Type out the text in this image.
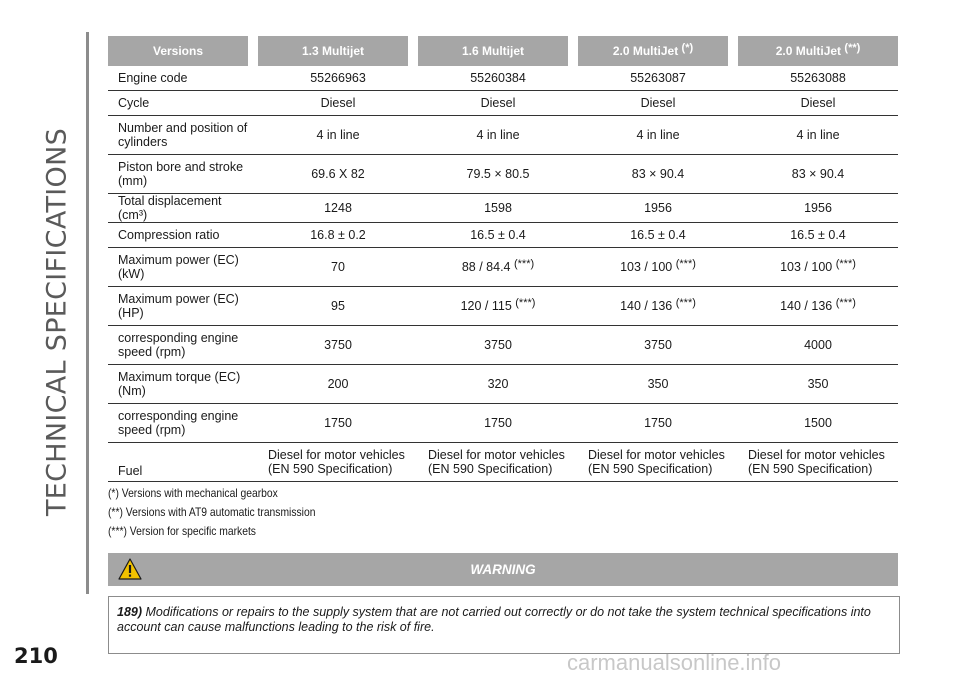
TECHNICAL SPECIFICATIONS
210
Versions	1.3 Multijet	1.6 Multijet	2.0 MultiJet (*)	2.0 MultiJet (**)
Engine code	55266963	55260384	55263087	55263088
Cycle	Diesel	Diesel	Diesel	Diesel
Number and position of cylinders	4 in line	4 in line	4 in line	4 in line
Piston bore and stroke (mm)	69.6 X 82	79.5 × 80.5	83 × 90.4	83 × 90.4
Total displacement (cm³)	1248	1598	1956	1956
Compression ratio	16.8 ± 0.2	16.5 ± 0.4	16.5 ± 0.4	16.5 ± 0.4
Maximum power (EC) (kW)	70	88 / 84.4 (***)	103 / 100 (***)	103 / 100 (***)
Maximum power (EC) (HP)	95	120 / 115 (***)	140 / 136 (***)	140 / 136 (***)
corresponding engine speed (rpm)	3750	3750	3750	4000
Maximum torque (EC) (Nm)	200	320	350	350
corresponding engine speed (rpm)	1750	1750	1750	1500
Fuel	Diesel for motor vehicles (EN 590 Specification)	Diesel for motor vehicles (EN 590 Specification)	Diesel for motor vehicles (EN 590 Specification)	Diesel for motor vehicles (EN 590 Specification)
(*) Versions with mechanical gearbox
(**) Versions with AT9 automatic transmission
(***) Version for specific markets
WARNING
189) Modifications or repairs to the supply system that are not carried out correctly or do not take the system technical specifications into account can cause malfunctions leading to the risk of fire.
carmanualsonline.info
